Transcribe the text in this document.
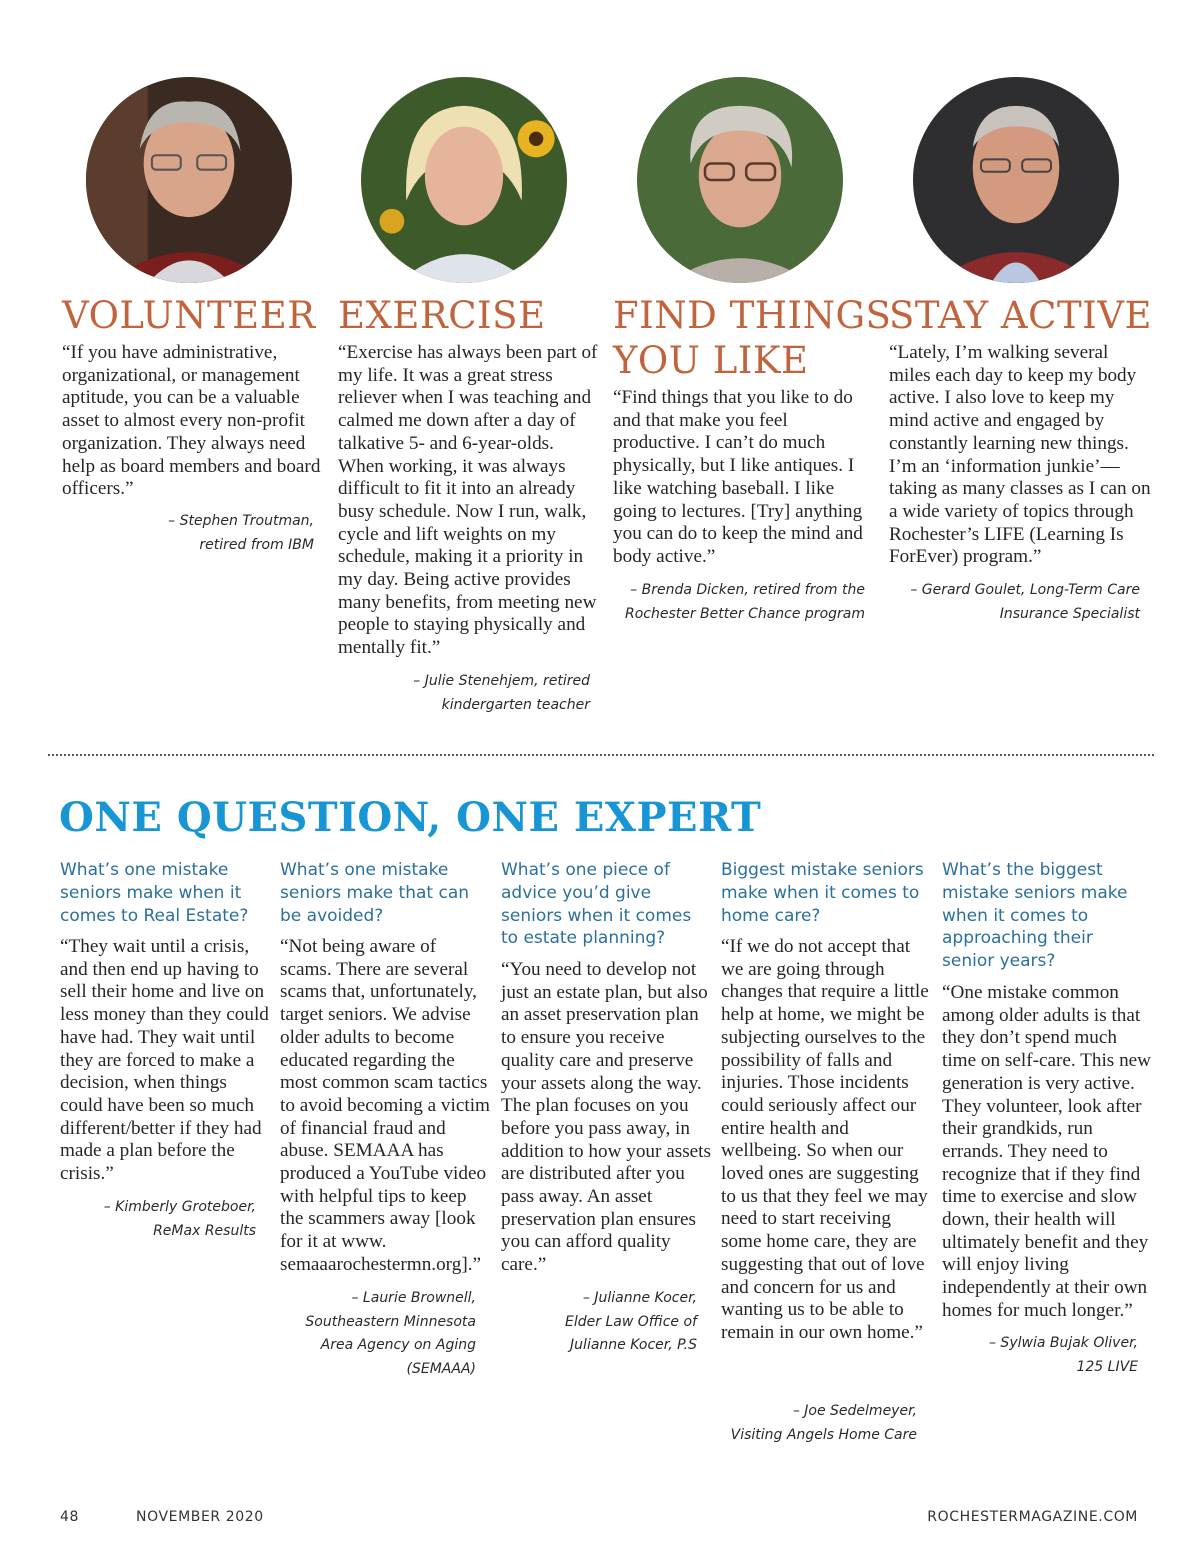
VOLUNTEER

“If you have administrative, organizational, or management aptitude, you can be a valuable asset to almost every non-profit organization. They always need help as board members and board officers.”

– Stephen Troutman,
retired from IBM

EXERCISE

“Exercise has always been part of my life. It was a great stress reliever when I was teaching and calmed me down after a day of talkative 5- and 6-year-olds. When working, it was always difficult to fit it into an already busy schedule. Now I run, walk, cycle and lift weights on my schedule, making it a priority in my day. Being active provides many benefits, from meeting new people to staying physically and mentally fit.”

– Julie Stenehjem, retired
kindergarten teacher

FIND THINGS
YOU LIKE

“Find things that you like to do and that make you feel productive. I can’t do much physically, but I like antiques. I like watching baseball. I like going to lectures. [Try] anything you can do to keep the mind and body active.”

– Brenda Dicken, retired from the
Rochester Better Chance program

STAY ACTIVE

“Lately, I’m walking several miles each day to keep my body active. I also love to keep my mind active and engaged by constantly learning new things. I’m an ‘information junkie’—taking as many classes as I can on a wide variety of topics through Rochester’s LIFE (Learning Is ForEver) program.”

– Gerard Goulet, Long-Term Care
Insurance Specialist

ONE QUESTION, ONE EXPERT

What’s one mistake seniors make when it comes to Real Estate?

“They wait until a crisis, and then end up having to sell their home and live on less money than they could have had. They wait until they are forced to make a decision, when things could have been so much different/better if they had made a plan before the crisis.”

– Kimberly Groteboer,
ReMax Results

What’s one mistake seniors make that can be avoided?

“Not being aware of scams. There are several scams that, unfortunately, target seniors. We advise older adults to become educated regarding the most common scam tactics to avoid becoming a victim of financial fraud and abuse. SEMAAA has produced a YouTube video with helpful tips to keep the scammers away [look for it at www. semaaarochestermn.org].”

– Laurie Brownell,
Southeastern Minnesota
Area Agency on Aging
(SEMAAA)

What’s one piece of advice you’d give seniors when it comes to estate planning?

“You need to develop not just an estate plan, but also an asset preservation plan to ensure you receive quality care and preserve your assets along the way. The plan focuses on you before you pass away, in addition to how your assets are distributed after you pass away. An asset preservation plan ensures you can afford quality care.”

– Julianne Kocer,
Elder Law Office of
Julianne Kocer, P.S

Biggest mistake seniors make when it comes to home care?

“If we do not accept that we are going through changes that require a little help at home, we might be subjecting ourselves to the possibility of falls and injuries. Those incidents could seriously affect our entire health and wellbeing. So when our loved ones are suggesting to us that they feel we may need to start receiving some home care, they are suggesting that out of love and concern for us and wanting us to be able to remain in our own home.”

– Joe Sedelmeyer,
Visiting Angels Home Care

What’s the biggest mistake seniors make when it comes to approaching their senior years?

“One mistake common among older adults is that they don’t spend much time on self-care. This new generation is very active. They volunteer, look after their grandkids, run errands. They need to recognize that if they find time to exercise and slow down, their health will ultimately benefit and they will enjoy living independently at their own homes for much longer.”

– Sylwia Bujak Oliver,
125 LIVE

48	NOVEMBER 2020	ROCHESTERMAGAZINE.COM
